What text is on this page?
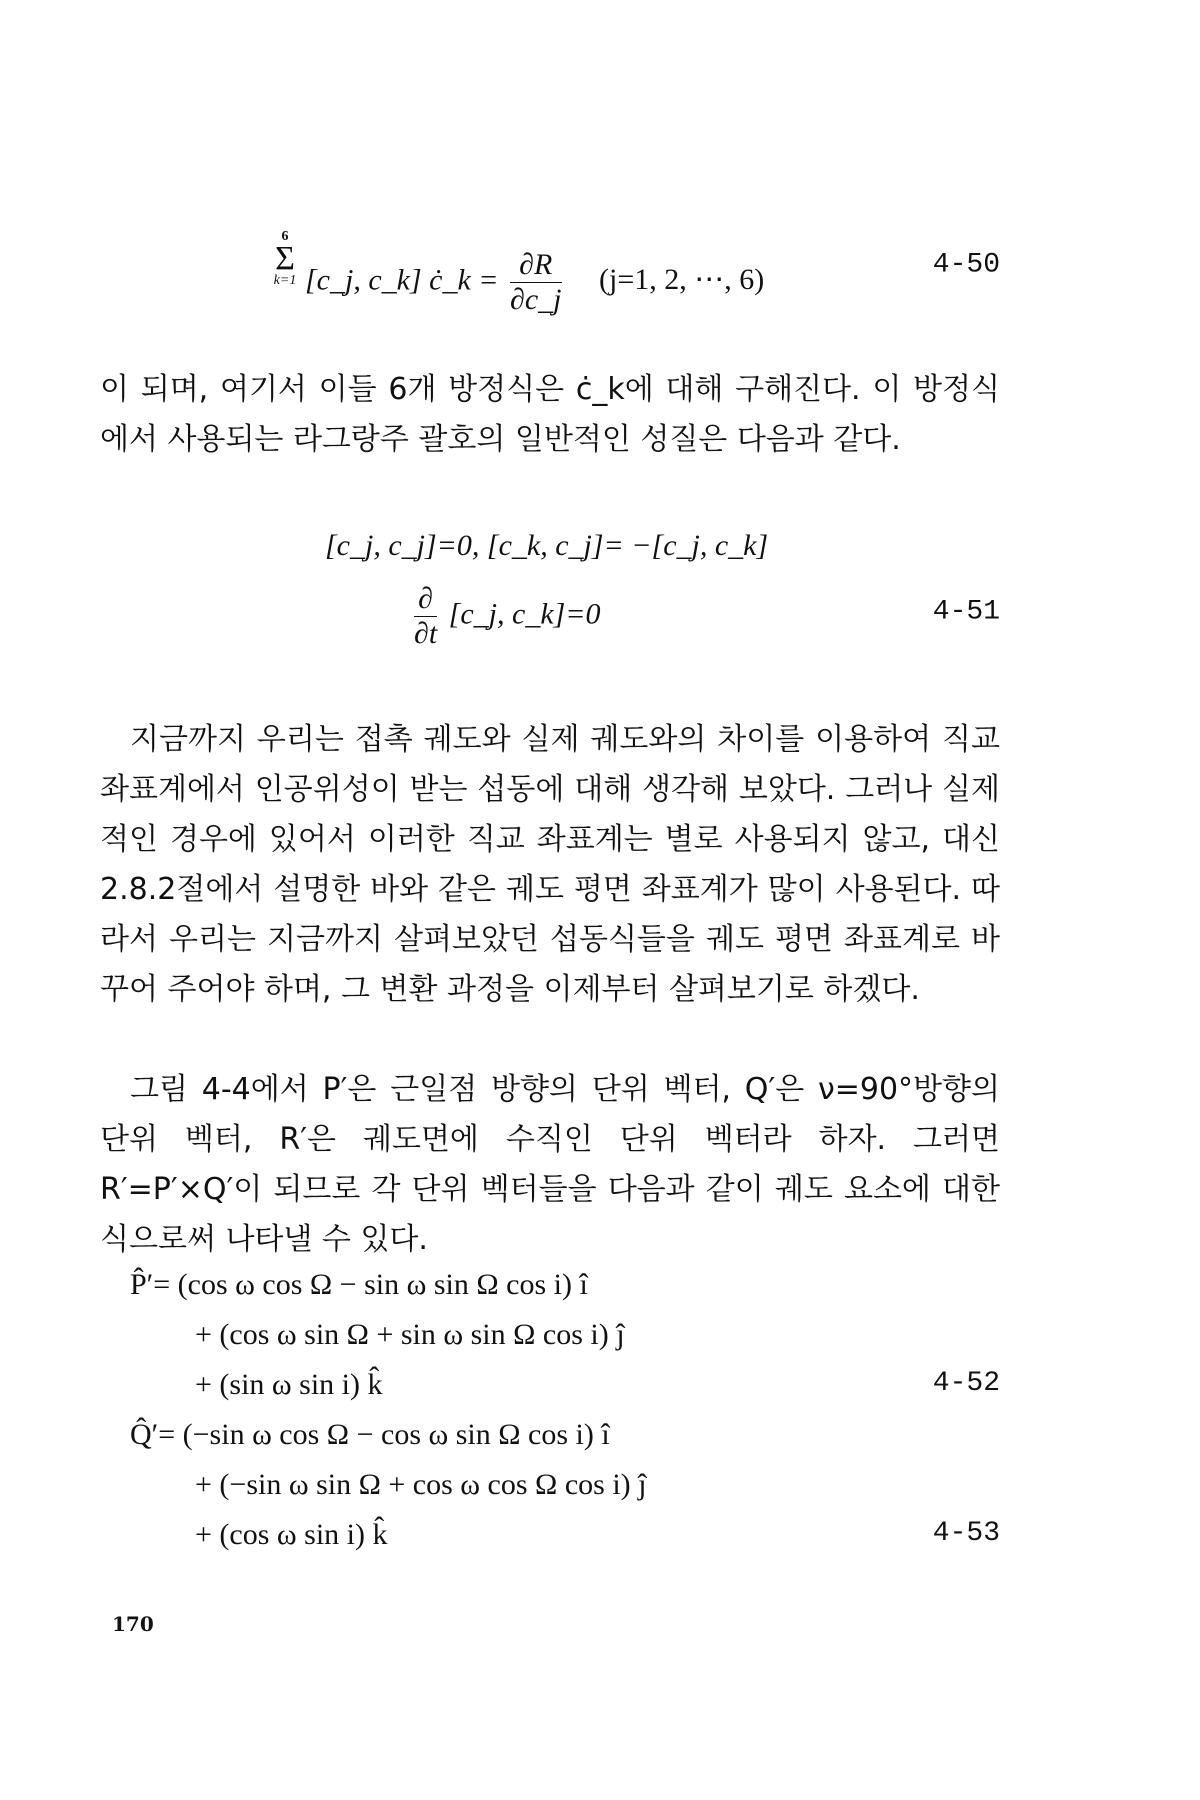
6
Σ
k=1 [c_j, c_k] ċ_k = $\frac{\partial R}{\partial c\_j} (j=1$, 2, ⋯, 6)	4-50

이 되며, 여기서 이들 6개 방정식은 ċ_k에 대해 구해진다. 이 방정식에서 사용되는 라그랑주 괄호의 일반적인 성질은 다음과 같다.

[c_j, c_j]=0, [c_k, c_j]= −[c_j, c_k]
$\frac{\partial}{\partial t}$ [c_j, c_k]=0	4-51

지금까지 우리는 접촉 궤도와 실제 궤도와의 차이를 이용하여 직교 좌표계에서 인공위성이 받는 섭동에 대해 생각해 보았다. 그러나 실제적인 경우에 있어서 이러한 직교 좌표계는 별로 사용되지 않고, 대신 2.8.2절에서 설명한 바와 같은 궤도 평면 좌표계가 많이 사용된다. 따라서 우리는 지금까지 살펴보았던 섭동식들을 궤도 평면 좌표계로 바꾸어 주어야 하며, 그 변환 과정을 이제부터 살펴보기로 하겠다.

그림 4-4에서 P′은 근일점 방향의 단위 벡터, Q′은 ν=90°방향의 단위 벡터, R′은 궤도면에 수직인 단위 벡터라 하자. 그러면 R′=P′×Q′이 되므로 각 단위 벡터들을 다음과 같이 궤도 요소에 대한 식으로써 나타낼 수 있다.

P̂′= (cos ω cos Ω − sin ω sin Ω cos i) î
+ (cos ω sin Ω + sin ω sin Ω cos i) ĵ
+ (sin ω sin i) k̂	4-52
Q̂′= (−sin ω cos Ω − cos ω sin Ω cos i) î
+ (−sin ω sin Ω + cos ω cos Ω cos i) ĵ
+ (cos ω sin i) k̂	4-53
170
